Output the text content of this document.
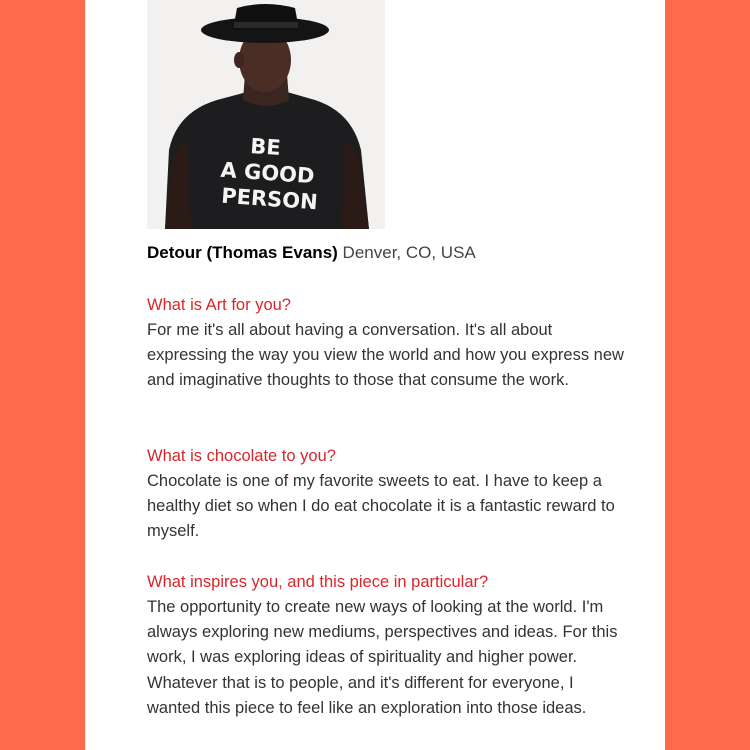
BE
A GOOD
PERSON
Detour (Thomas Evans) Denver, CO, USA

What is Art for you?

For me it's all about having a conversation. It's all about expressing the way you view the world and how you express new and imaginative thoughts to those that consume the work.

What is chocolate to you?

Chocolate is one of my favorite sweets to eat. I have to keep a healthy diet so when I do eat chocolate it is a fantastic reward to myself.

What inspires you, and this piece in particular?

The opportunity to create new ways of looking at the world. I'm always exploring new mediums, perspectives and ideas. For this work, I was exploring ideas of spirituality and higher power. Whatever that is to people, and it's different for everyone, I wanted this piece to feel like an exploration into those ideas.
